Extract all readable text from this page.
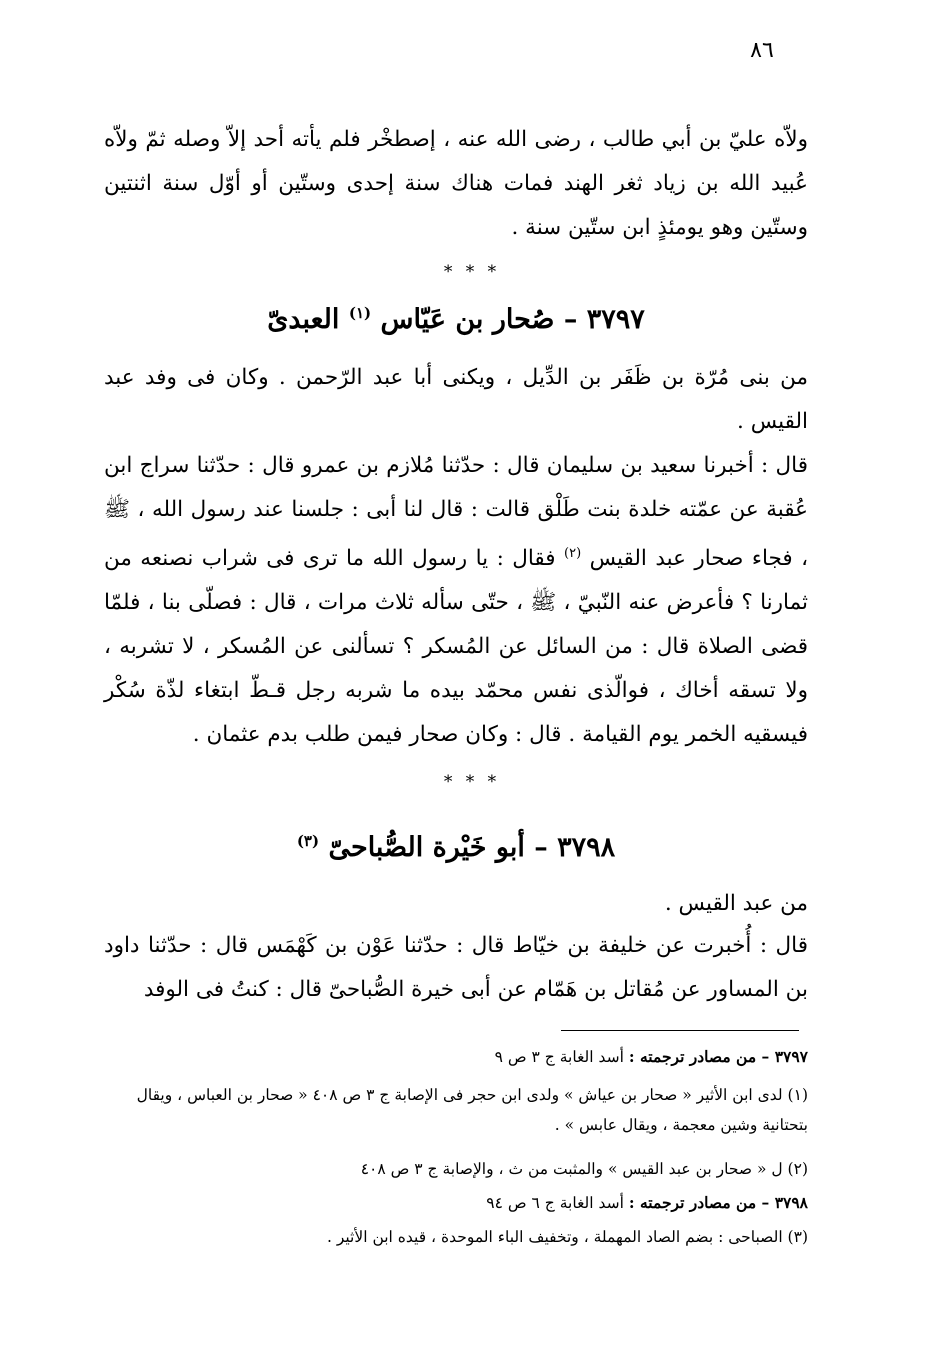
٨٦
ولاّه عليّ بن أبي طالب ، رضى الله عنه ، إصطخْر فلم يأته أحد إلاّ وصله ثمّ ولاّه عُبيد الله بن زياد ثغر الهند فمات هناك سنة إحدى وستّين أو أوّل سنة اثنتين وستّين وهو يومئذٍ ابن ستّين سنة .
* * *
٣٧٩٧ – صُحار بن عَيّاس $^{(١)}$ العبدىّ
من بنى مُرّة بن ظَفَر بن الدِّيل ، ويكنى أبا عبد الرّحمن . وكان فى وفد عبد القيس .
قال : أخبرنا سعيد بن سليمان قال : حدّثنا مُلازم بن عمرو قال : حدّثنا سراج ابن عُقبة عن عمّته خلدة بنت طَلْق قالت : قال لنا أبى : جلسنا عند رسول الله ، ﷺ ، فجاء صحار عبد القيس $^{(٢)}$ فقال : يا رسول الله ما ترى فى شراب نصنعه من ثمارنا ؟ فأعرض عنه النّبيّ ، ﷺ ، حتّى سأله ثلاث مرات ، قال : فصلّى بنا ، فلمّا قضى الصلاة قال : من السائل عن المُسكر ؟ تسألنى عن المُسكر ، لا تشربه ، ولا تسقه أخاك ، فوالّذى نفس محمّد بيده ما شربه رجل قـطّ ابتغاء لذّة سُكْر فيسقيه الخمر يوم القيامة . قال : وكان صحار فيمن طلب بدم عثمان .
* * *
٣٧٩٨ – أبو خَيْرة الصُّباحىّ $^{(٣)}$
من عبد القيس .
قال : أُخبرت عن خليفة بن خيّاط قال : حدّثنا عَوْن بن كَهْمَس قال : حدّثنا داود بن المساور عن مُقاتل بن هَمّام عن أبى خيرة الصُّباحىّ قال : كنتُ فى الوفد
٣٧٩٧ – من مصادر ترجمته : أسد الغابة ج ٣ ص ٩
(١) لدى ابن الأثير « صحار بن عياش » ولدى ابن حجر فى الإصابة ج ٣ ص ٤٠٨ « صحار بن العباس ، ويقال بتحتانية وشين معجمة ، ويقال عابس » .
(٢) ل « صحار بن عبد القيس » والمثبت من ث ، والإصابة ج ٣ ص ٤٠٨
٣٧٩٨ – من مصادر ترجمته : أسد الغابة ج ٦ ص ٩٤
(٣) الصباحى : بضم الصاد المهملة ، وتخفيف الباء الموحدة ، قيده ابن الأثير .
